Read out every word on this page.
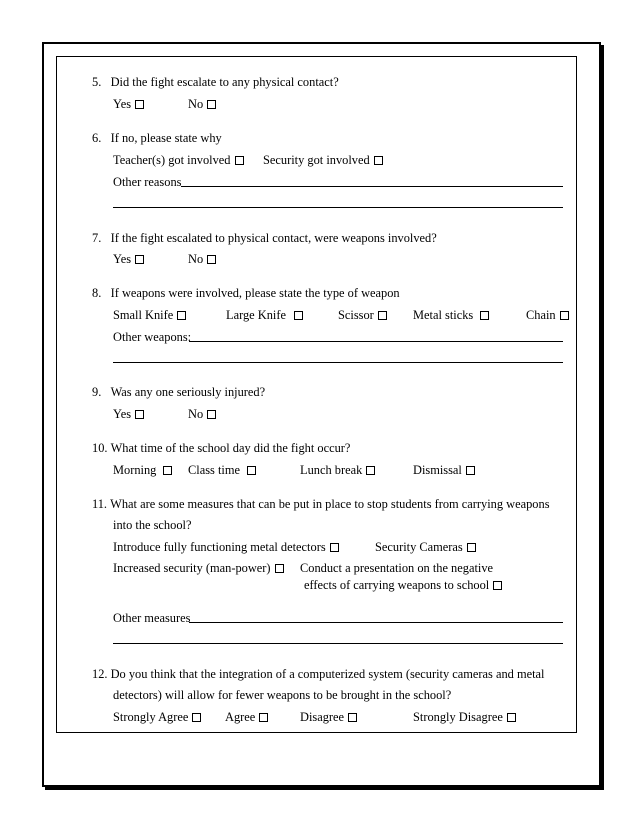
5. Did the fight escalate to any physical contact?
Yes	No
6. If no, please state why
Teacher(s) got involved	Security got involved
Other reasons
7. If the fight escalated to physical contact, were weapons involved?
Yes	No
8. If weapons were involved, please state the type of weapon
Small Knife	Large Knife	Scissor	Metal sticks	Chain
Other weapons:
9. Was any one seriously injured?
Yes	No
10. What time of the school day did the fight occur?
Morning	Class time	Lunch break	Dismissal
11. What are some measures that can be put in place to stop students from carrying weapons
into the school?
Introduce fully functioning metal detectors	Security Cameras
Increased security (man-power)	Conduct a presentation on the negative
effects of carrying weapons to school
Other measures
12. Do you think that the integration of a computerized system (security cameras and metal
detectors) will allow for fewer weapons to be brought in the school?
Strongly Agree	Agree	Disagree	Strongly Disagree
